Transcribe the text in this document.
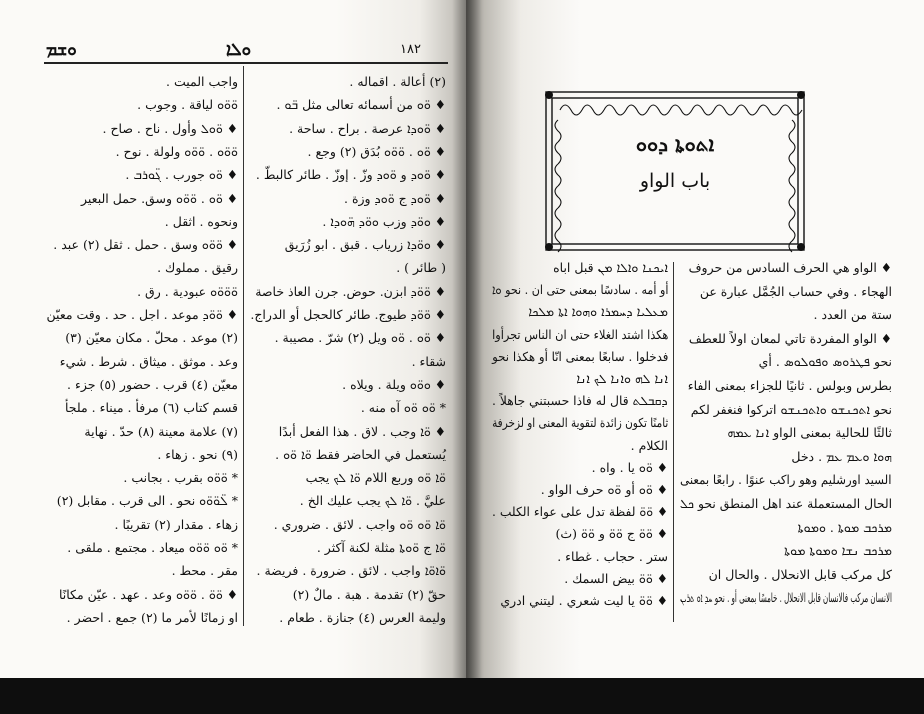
ܘܫܡ	ܘܠܐ	١٨٢
(٢) أعالة . اقماله .
♦ ܘ̈ܘ من أسمائه تعالى مثل ܒ̈ܘ .
♦ ܘ̈ܘܕܐ عرصة . براح . ساحة .
♦ ܘ̈ܘ . ܘ̈ܘ̈ܘ بُدَق (٢) وجع .
♦ ܘ̈ܘܕ و ܘ̈ܘܕ وزّ . إوزّ . طائر كالبطّ .
♦ ܘ̈ܘܕ ج ܘ̈ܘܕ وزة .
♦ ܘܘ̈ܕ وزب ܘܘ̈ܕ ܗ̈ܘܕܐ .
♦ ܘܘ̈ܕܐ زرياب . قبق . ابو زُرَيق
( طائر ) .
♦ ܘ̈ܘ̈ܕ ابزن. حوض. جرن العاذ خاصة
♦ ܘ̈ܘ̈ܕ طيوج. طائر كالحجل أو الدراج.
♦ ܘ̈ܘ . ܘ̈ܘ ويل (٢) شرّ . مصيبة .
شقاء .
♦ ܘܘ̈ܘ ويلة . ويلاه .
* ܘ̈ܘ ܘ̈ܘ آه منه .
♦ ܘ̈ܐ وجب . لاق . هذا الفعل أبدًا
يُستعمل في الحاضر فقط ܘ̈ܐ ܘ̈ܘ .
ܘ̈ܐ ܘ̈ܘ وربع اللام ܘ̈ܐ ܠܟ يجب
عليَّ . ܘ̈ܐ ܠܟ يجب عليك الخ .
ܘ̈ܐ ܘ̈ܘ ܘ̈ܘ واجب . لائق . ضروري .
ܘ̈ܐ ج ܘ̈ܘܬܐ مثلة لكنة آكثر .
ܘ̈ܐܘ̈ܐ واجب . لائق . ضرورة . فريضة .
حقّ (٢) تقدمة . هبة . مالٌ (٢)
وليمة العرس (٤) جنازة . طعام .
واجب الميت .
ܘ̈ܘ̈ܘ لياقة . وجوب .
♦ ܘ̈ܘܠ وأول . ناح . صاح .
ܘ̈ܘ̈ܘ . ܘ̈ܘ̈ܘ ولولة . نوح .
♦ ܘ̈ܘ جورب . ܓ̈ܘܪܒ .
♦ ܘ̈ܘ . ܘ̈ܘ̈ܘ وسق. حمل البعير
ونحوه . اثقل .
♦ ܘ̈ܘ̈ܘ وسق . حمل . ثقل (٢) عبد .
رقيق . مملوك .
ܘ̈ܘ̈ܘ̈ܘ عبودية . رق .
♦ ܘ̈ܘ̈ܕ موعد . اجل . حد . وقت معيّن
(٢) موعد . محلّ . مكان معيّن (٣)
وعد . موثق . ميثاق . شرط . شيء
معيّن (٤) قرب . حضور (٥) جزء .
قسم كتاب (٦) مرفأ . ميناء . ملجأ
(٧) علامة معينة (٨) حدّ . نهاية
(٩) نحو . زهاء .
* ܘ̈ܘ̈ܘ بقرب . بجانب .
* ܠ̈ܘ̈ܘ̈ܘ نحو . الى قرب . مقابل (٢)
زهاء . مقدار (٢) تقريبًا .
* ܘ̈ܘ ܘ̈ܘ̈ܘ ميعاد . مجتمع . ملقى .
مقر . محط .
♦ ܘ̈ܘ̈ . ܘ̈ܘ̈ܘ وعد . عهد . عيّن مكانًا
او زمانًا لأمر ما (٢) جمع . احضر .
ܐܬܘܬܐ ܕܘܘ
باب الواو
♦ الواو هي الحرف السادس من حروف
الهجاء . وفي حساب الجُمَّل عبارة عن
ستة من العدد .
♦ الواو المفردة تاتي لمعان اولاً للعطف
نحو ܦܛܪܘܣ ܘܦܘܠܘܣ . أي
بطرس وبولس . ثانيًا للجزاء بمعنى الفاء
نحو ܐܬܟܢܫܘ ܘܐܬܟܢܫܘ اتركوا فنغفر لكم
ثالثًا للحالية بمعنى الواو ܐܢܐ ܥܡܗ
ܗܘܐ ܘܥܡ ܥܡ . دخل
السيد اورشليم وهو راكب عنوًا . رابعًا بمعنى
الحال المستعملة عند اهل المنطق نحو ܟܠ
ܡܪܟܒ ܡܘܬܐ . ܘܡܘܬܐ
ܡܪܟܒ ܢܫܐ ܘܡܘܬܐ ܡܘܬܐ
كل مركب قابل الانحلال . والحال ان
الانسان مركب فالانسان قابل الانحلال . خامسًا بمعنى أو . نحو ܚܕ ܐܘ ܬܪܝܢ
ܐܝܟܢܐ ܘܐܠܐ ܡܢ قبل اباه
أو أمه . سادسًا بمعنى حتى ان . نحو ܘܐ
ܡܥܠܝܐ ܕܚܡܪܐ ܘܗܘܐ ܐܬܐ ܡܠܟܐ
هكذا اشتد الغلاء حتى ان الناس تجرأوا
فدخلوا . سابعًا بمعنى انّا أو هكذا نحو
ܐܢܐ ܠܗ ܘܐܢܐ ܠܟ ܐܢܐ
ܕܩܒܠܬ قال له فاذا حسبتني جاهلاً .
ثامنًا تكون زائدة لتقوية المعنى او لزخرفة
الكلام .
♦ ܘ̈ܘ يا . واه .
♦ ܘ̈ܘ أو ܘ̈ܘ حرف الواو .
♦ ܘ̈ܘ̈ لفظة تدل على عواء الكلب .
♦ ܘ̈ܘ̈ ج ܘ̈ܘ̈ و ܘ̈ܘ̈ (ث)
ستر . حجاب . غطاء .
♦ ܘ̈ܘ̈ بيض السمك .
♦ ܘ̈ܘ̈ يا ليت شعري . ليتني ادري
